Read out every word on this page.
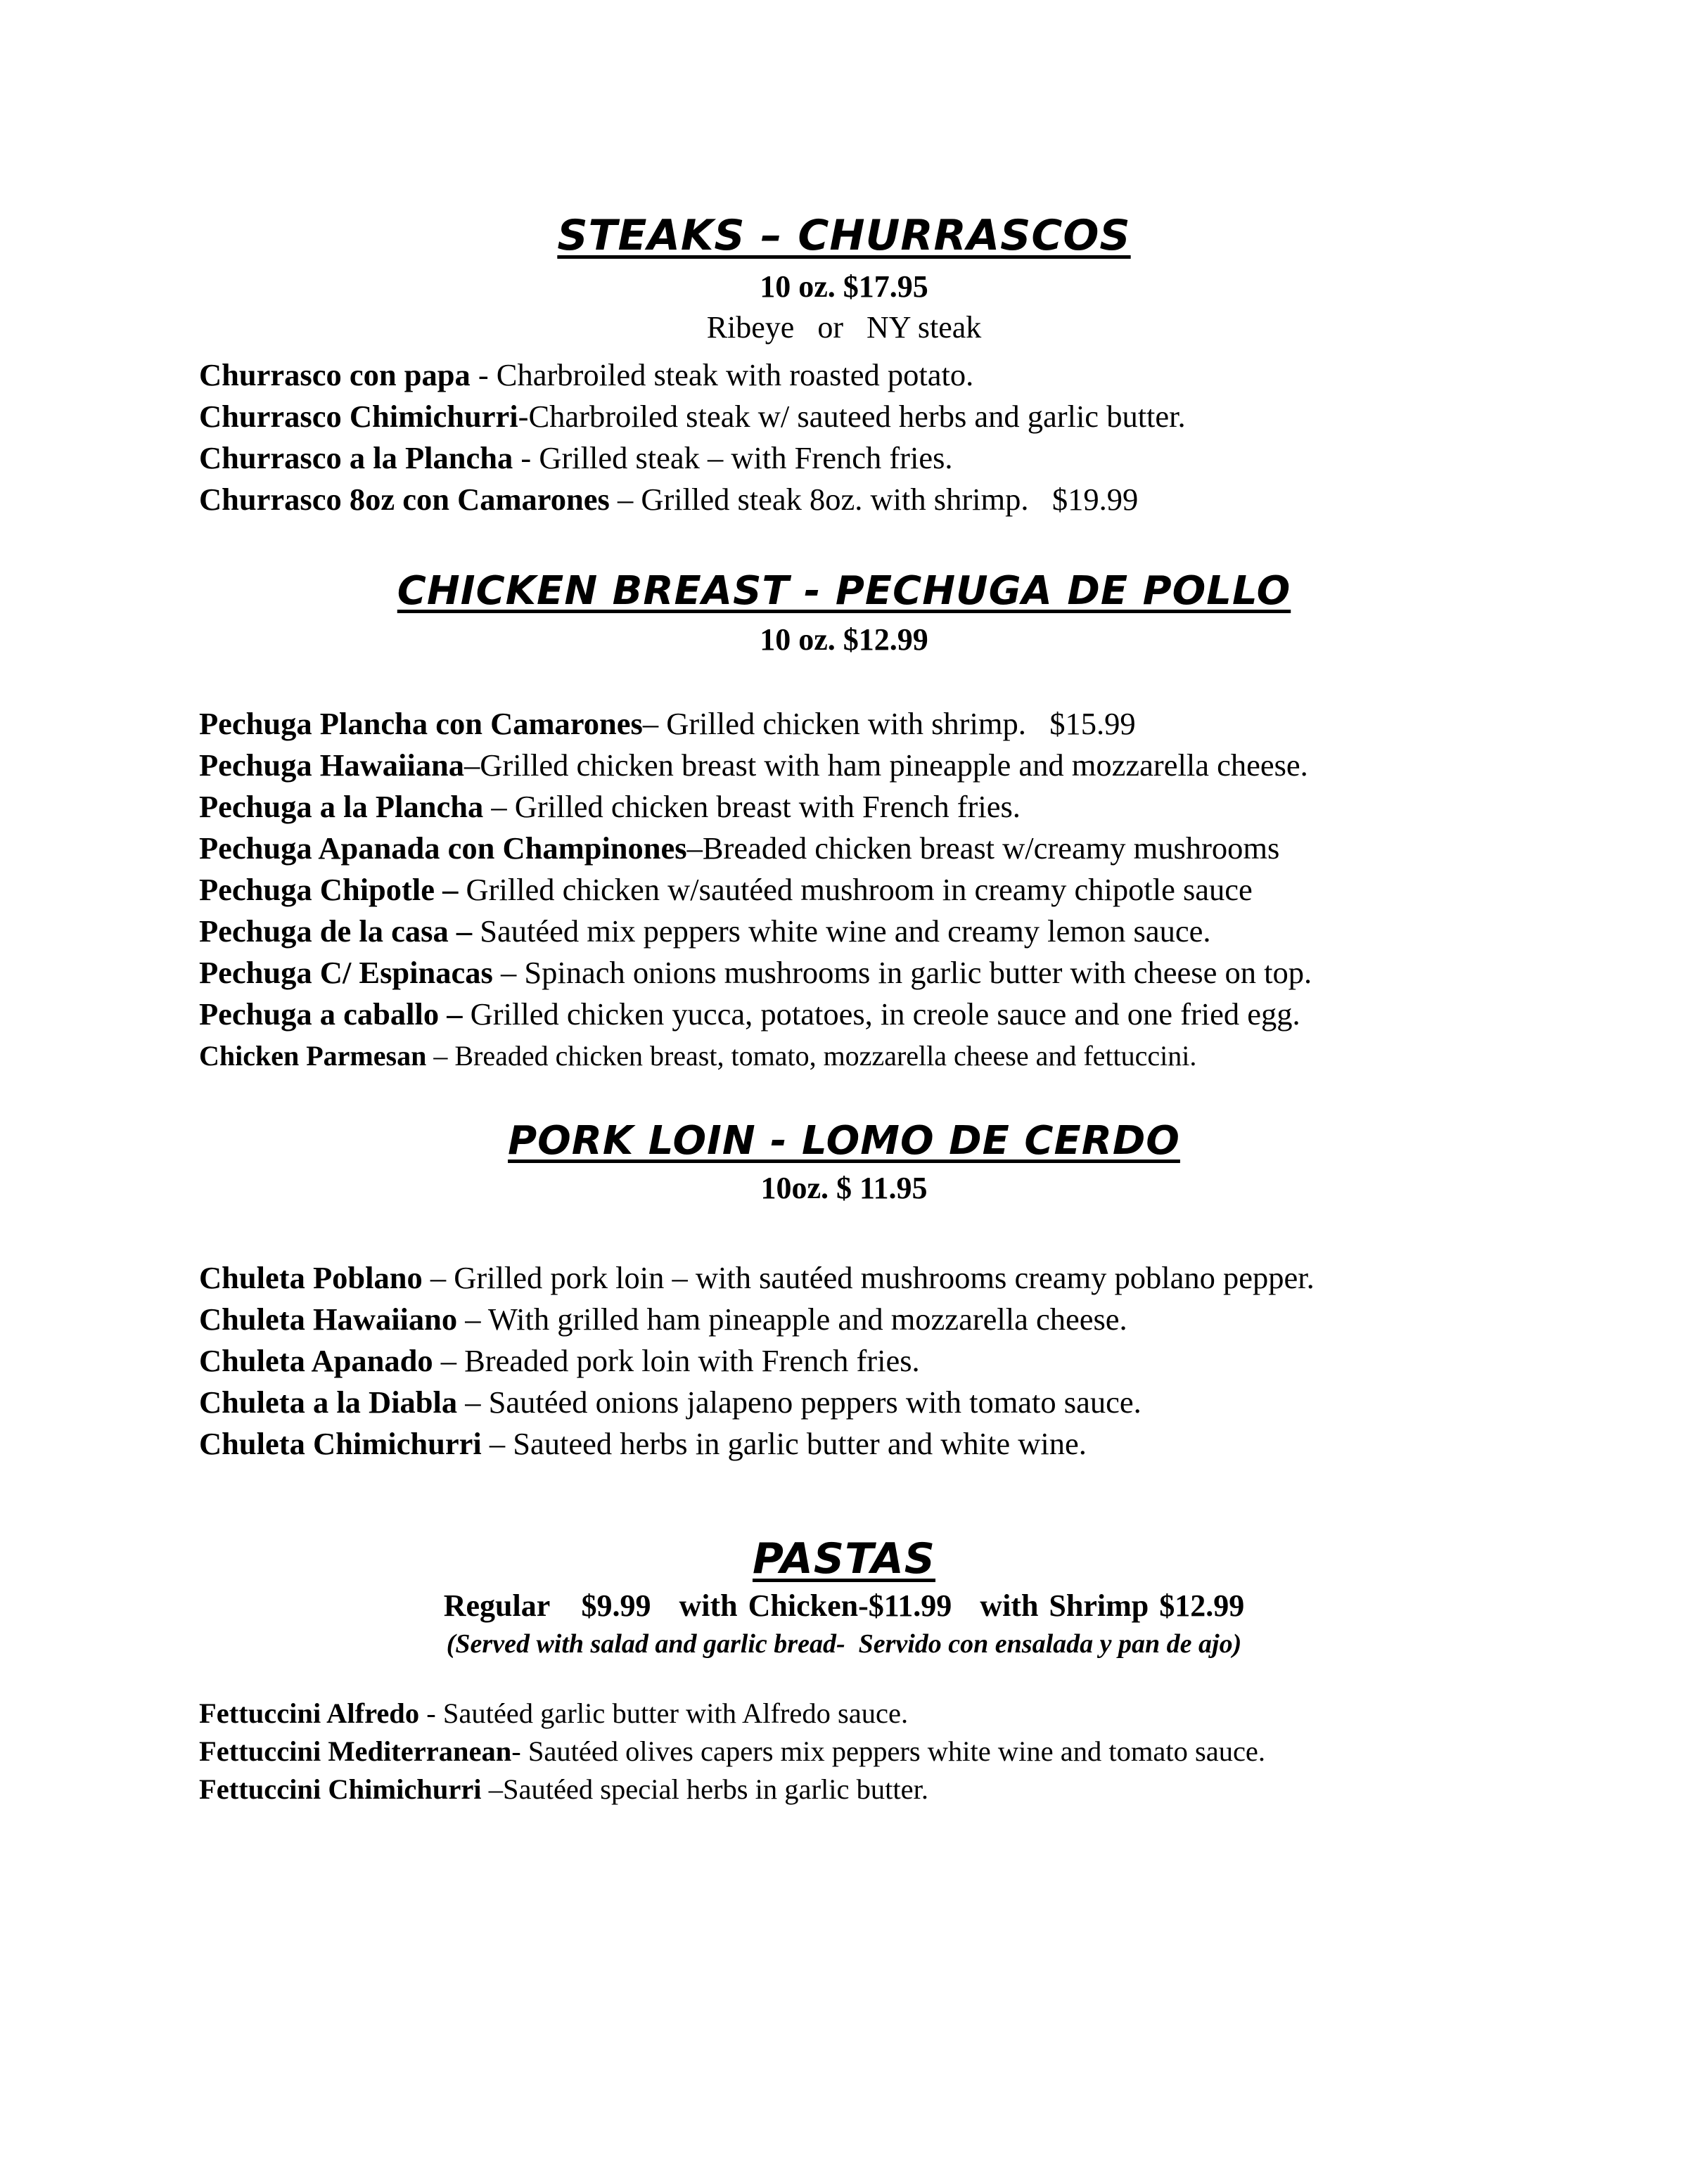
STEAKS – CHURRASCOS
10 oz. $17.95
Ribeye   or   NY steak
Churrasco con papa - Charbroiled steak with roasted potato.
Churrasco Chimichurri-Charbroiled steak w/ sauteed herbs and garlic butter.
Churrasco a la Plancha - Grilled steak – with French fries.
Churrasco 8oz con Camarones – Grilled steak 8oz. with shrimp.   $19.99
CHICKEN BREAST - PECHUGA DE POLLO
10 oz. $12.99
Pechuga Plancha con Camarones– Grilled chicken with shrimp.   $15.99
Pechuga Hawaiiana–Grilled chicken breast with ham pineapple and mozzarella cheese.
Pechuga a la Plancha – Grilled chicken breast with French fries.
Pechuga Apanada con Champinones–Breaded chicken breast w/creamy mushrooms
Pechuga Chipotle – Grilled chicken w/sautéed mushroom in creamy chipotle sauce
Pechuga de la casa – Sautéed mix peppers white wine and creamy lemon sauce.
Pechuga C/ Espinacas – Spinach onions mushrooms in garlic butter with cheese on top.
Pechuga a caballo – Grilled chicken yucca, potatoes, in creole sauce and one fried egg.
Chicken Parmesan – Breaded chicken breast, tomato, mozzarella cheese and fettuccini.
PORK LOIN - LOMO DE CERDO
10oz. $ 11.95
Chuleta Poblano – Grilled pork loin – with sautéed mushrooms creamy poblano pepper.
Chuleta Hawaiiano – With grilled ham pineapple and mozzarella cheese.
Chuleta Apanado – Breaded pork loin with French fries.
Chuleta a la Diabla – Sautéed onions jalapeno peppers with tomato sauce.
Chuleta Chimichurri – Sauteed herbs in garlic butter and white wine.
PASTAS
Regular   $9.99 with Chicken-$11.99 with Shrimp $12.99
(Served with salad and garlic bread-  Servido con ensalada y pan de ajo)
Fettuccini Alfredo - Sautéed garlic butter with Alfredo sauce.
Fettuccini Mediterranean- Sautéed olives capers mix peppers white wine and tomato sauce.
Fettuccini Chimichurri –Sautéed special herbs in garlic butter.
